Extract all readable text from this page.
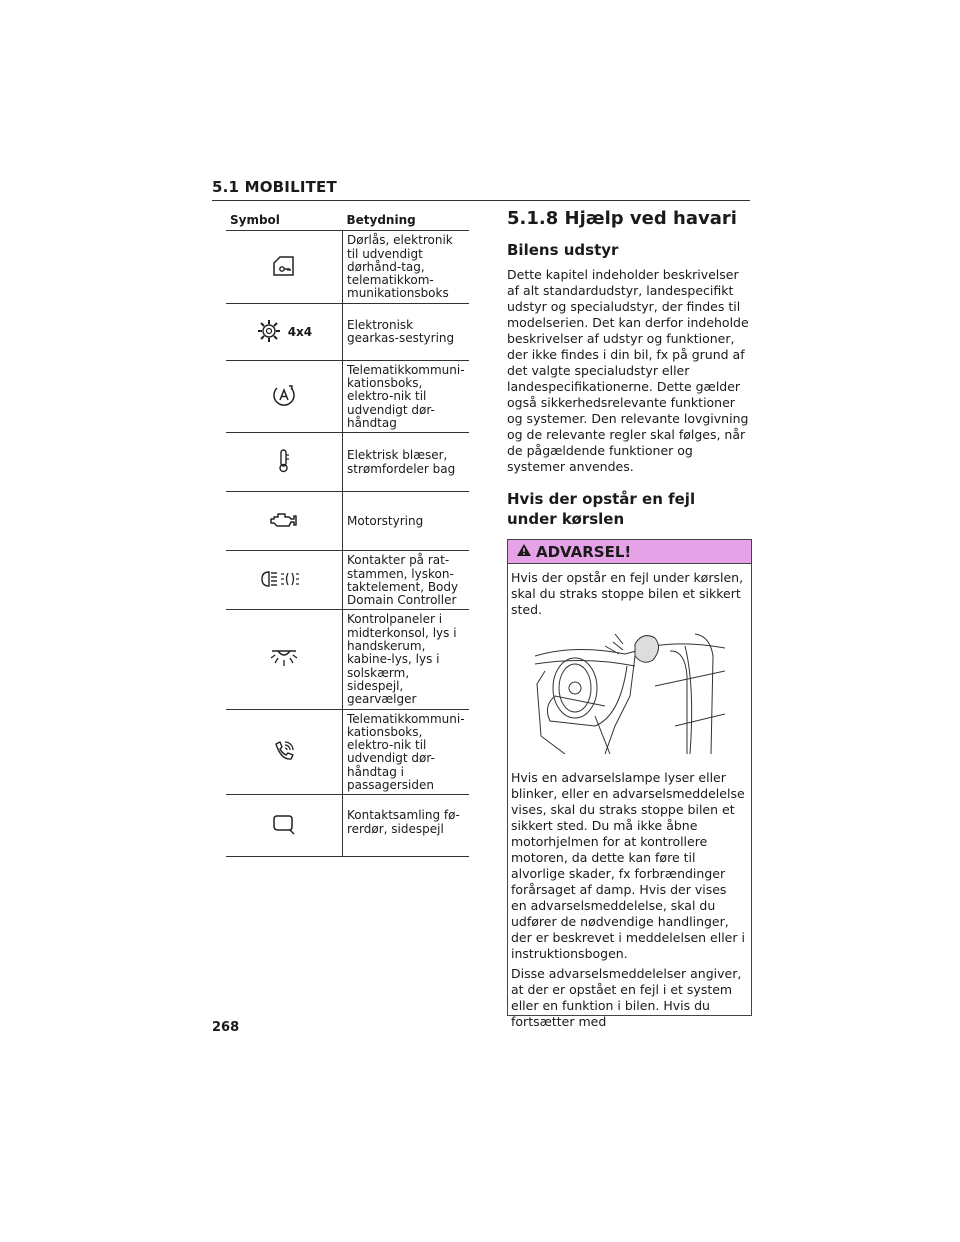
5.1 MOBILITET
Symbol	Betydning
	Dørlås, elektronik til udvendigt dørhånd-tag, telematikkom-munikationsboks
4x4	Elektronisk gearkas-sestyring
	Telematikkommuni-kationsboks, elektro-nik til udvendigt dør-håndtag
	Elektrisk blæser, strømfordeler bag
	Motorstyring
	Kontakter på rat-stammen, lyskon-taktelement, Body Domain Controller
	Kontrolpaneler i midterkonsol, lys i handskerum, kabine-lys, lys i solskærm, sidespejl, gearvælger
	Telematikkommuni-kationsboks, elektro-nik til udvendigt dør-håndtag i passagersiden
	Kontaktsamling fø-rerdør, sidespejl
5.1.8 Hjælp ved havari
Bilens udstyr

Dette kapitel indeholder beskrivelser af alt standardudstyr, landespecifikt udstyr og specialudstyr, der findes til modelserien. Det kan derfor indeholde beskrivelser af udstyr og funktioner, der ikke findes i din bil, fx på grund af det valgte specialudstyr eller landespecifikationerne. Dette gælder også sikkerhedsrelevante funktioner og systemer. Den relevante lovgivning og de relevante regler skal følges, når de pågældende funktioner og systemer anvendes.

Hvis der opstår en fejl under kørslen
ADVARSEL!

Hvis der opstår en fejl under kørslen, skal du straks stoppe bilen et sikkert sted.

Hvis en advarselslampe lyser eller blinker, eller en advarselsmeddelelse vises, skal du straks stoppe bilen et sikkert sted. Du må ikke åbne motorhjelmen for at kontrollere motoren, da dette kan føre til alvorlige skader, fx forbrændinger forårsaget af damp. Hvis der vises en advarselsmeddelelse, skal du udfører de nødvendige handlinger, der er beskrevet i meddelelsen eller i instruktionsbogen.

Disse advarselsmeddelelser angiver, at der er opstået en fejl i et system eller en funktion i bilen. Hvis du fortsætter med

268
